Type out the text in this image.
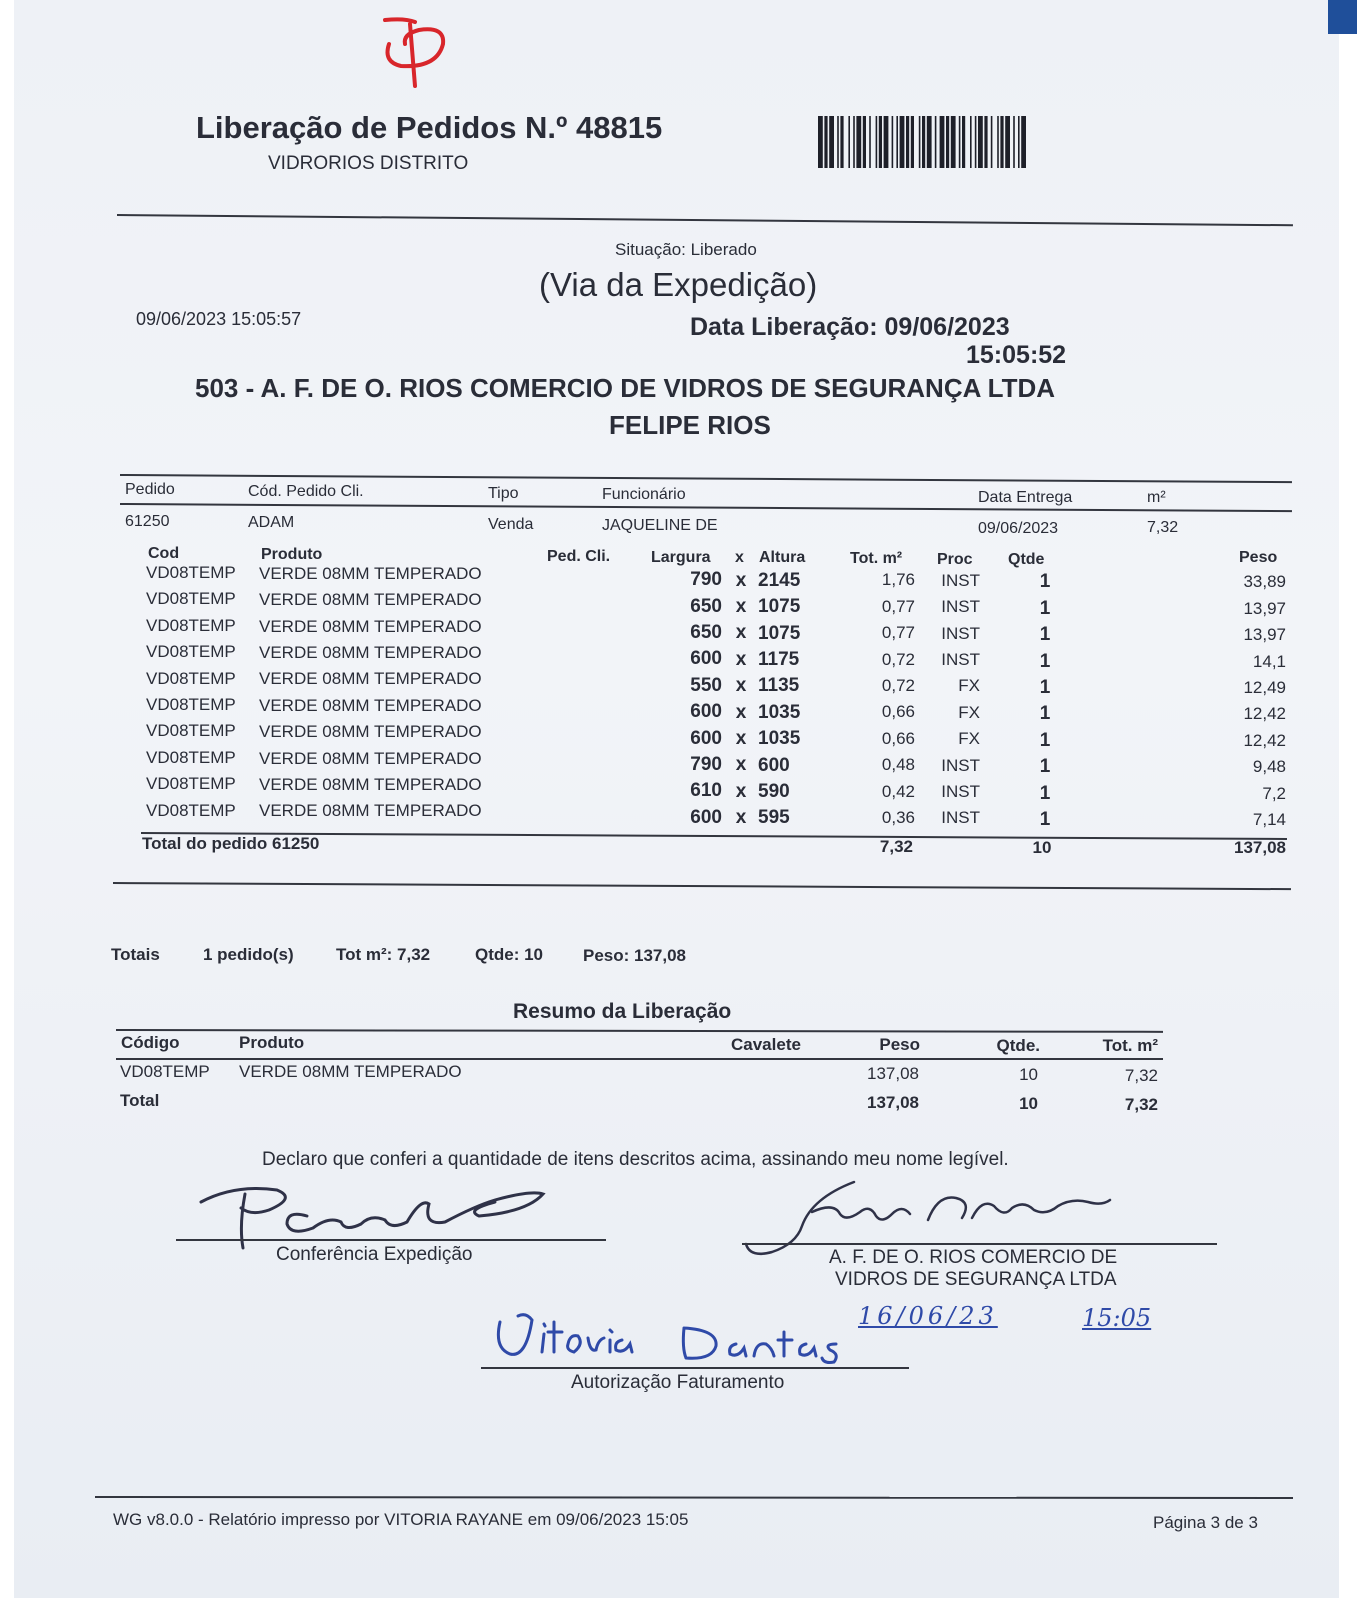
Liberação de Pedidos N.º 48815
VIDRORIOS DISTRITO
Situação: Liberado
(Via da Expedição)
09/06/2023 15:05:57	Data Liberação: 09/06/2023
15:05:52
503 - A. F. DE O. RIOS COMERCIO DE VIDROS DE SEGURANÇA LTDA
FELIPE RIOS
Pedido	Cód. Pedido Cli.	Tipo	Funcionário	Data Entrega	m²
61250	ADAM	Venda	JAQUELINE DE	09/06/2023	7,32
Cod	Produto	Ped. Cli.	Largura x Altura	Tot. m² Proc Qtde	Peso
VD08TEMP	VERDE 08MM TEMPERADO	790 x 2145	1,76	INST	1	33,89
VD08TEMP	VERDE 08MM TEMPERADO	650 x 1075	0,77	INST	1	13,97
VD08TEMP	VERDE 08MM TEMPERADO	650 x 1075	0,77	INST	1	13,97
VD08TEMP	VERDE 08MM TEMPERADO	600 x 1175	0,72	INST	1	14,1
VD08TEMP	VERDE 08MM TEMPERADO	550 x 1135	0,72	FX	1	12,49
VD08TEMP	VERDE 08MM TEMPERADO	600 x 1035	0,66	FX	1	12,42
VD08TEMP	VERDE 08MM TEMPERADO	600 x 1035	0,66	FX	1	12,42
VD08TEMP	VERDE 08MM TEMPERADO	790 x 600	0,48	INST	1	9,48
VD08TEMP	VERDE 08MM TEMPERADO	610 x 590	0,42	INST	1	7,2
VD08TEMP	VERDE 08MM TEMPERADO	600 x 595	0,36	INST	1	7,14
Total do pedido 61250	7,32	10	137,08
Totais	1 pedido(s) Tot m²: 7,32	Qtde: 10 Peso: 137,08
Resumo da Liberação
Código	Produto	Cavalete	Peso	Qtde.	Tot. m²
VD08TEMP VERDE 08MM TEMPERADO	137,08	10	7,32
Total	137,08	10	7,32
Declaro que conferi a quantidade de itens descritos acima, assinando meu nome legível.
Conferência Expedição	A. F. DE O. RIOS COMERCIO DE
VIDROS DE SEGURANÇA LTDA
16/06/23	15:05
Autorização Faturamento
WG v8.0.0 - Relatório impresso por VITORIA RAYANE em 09/06/2023 15:05	Página 3 de 3
